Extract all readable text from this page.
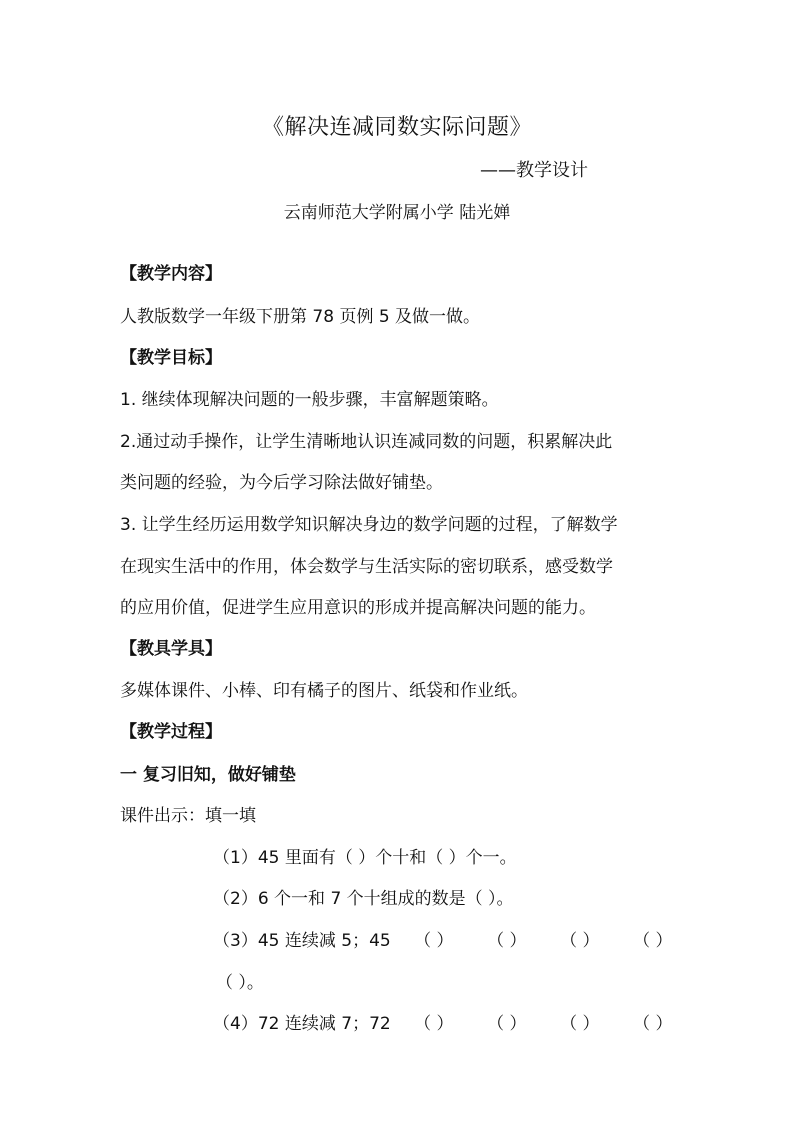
《解决连减同数实际问题》
——教学设计
云南师范大学附属小学 陆光婵
【教学内容】
人教版数学一年级下册第 78 页例 5 及做一做。
【教学目标】
1. 继续体现解决问题的一般步骤，丰富解题策略。
2.通过动手操作，让学生清晰地认识连减同数的问题，积累解决此
类问题的经验，为今后学习除法做好铺垫。
3. 让学生经历运用数学知识解决身边的数学问题的过程，了解数学
在现实生活中的作用，体会数学与生活实际的密切联系，感受数学
的应用价值，促进学生应用意识的形成并提高解决问题的能力。
【教具学具】
多媒体课件、小棒、印有橘子的图片、纸袋和作业纸。
【教学过程】
一 复习旧知，做好铺垫
课件出示：填一填
（1）45 里面有（ ）个十和（ ）个一。
（2）6 个一和 7 个十组成的数是（ ）。
（3）45 连续减 5；45 （ ） （ ） （ ） （ ）
（ ）。
（4）72 连续减 7；72 （ ） （ ） （ ） （ ）
